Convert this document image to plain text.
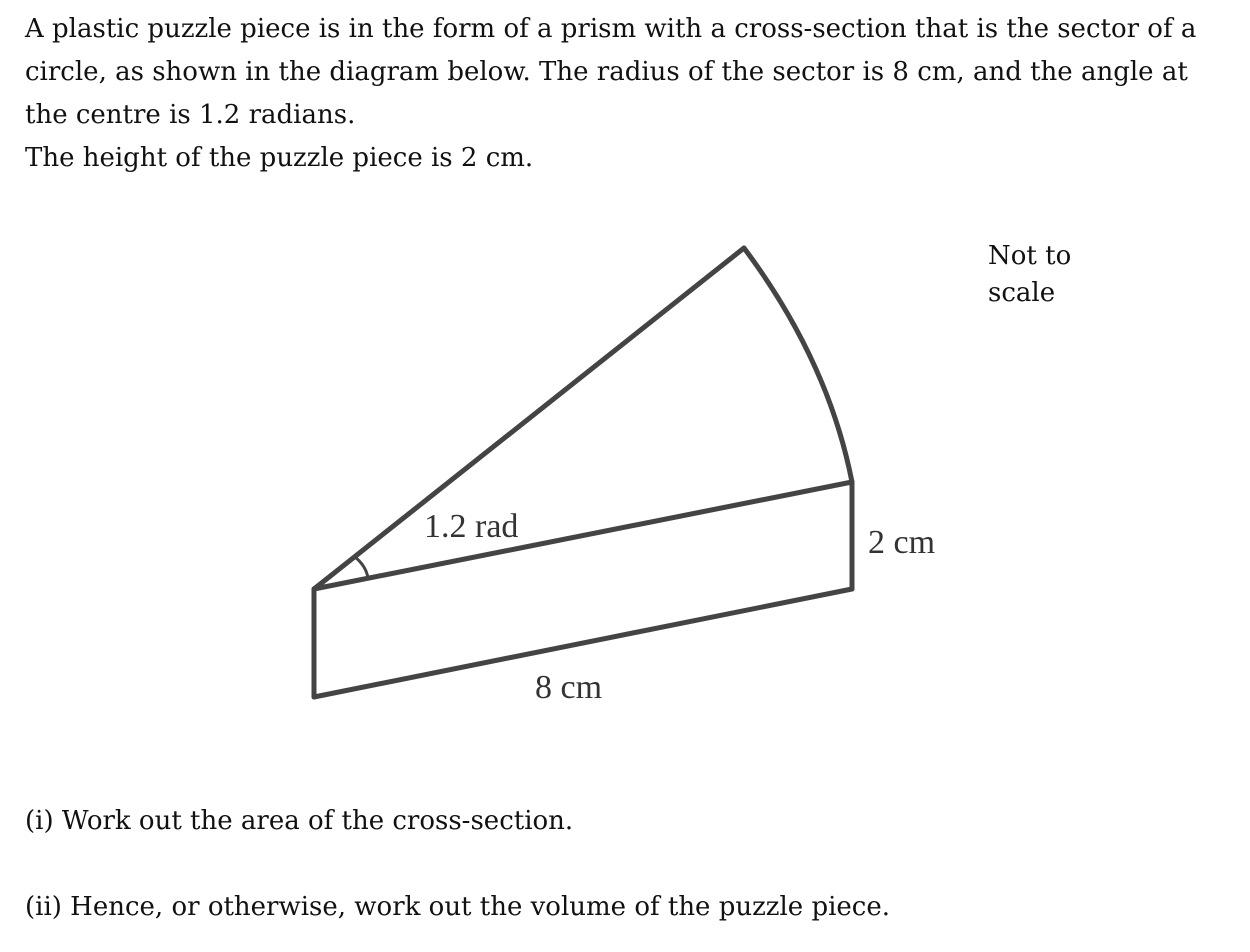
A plastic puzzle piece is in the form of a prism with a cross-section that is the sector of a circle, as shown in the diagram below. The radius of the sector is 8 cm, and the angle at the centre is 1.2 radians.

The height of the puzzle piece is 2 cm.

1.2 rad	2 cm
8 cm
Not to
scale

(i) Work out the area of the cross-section.

(ii) Hence, or otherwise, work out the volume of the puzzle piece.
